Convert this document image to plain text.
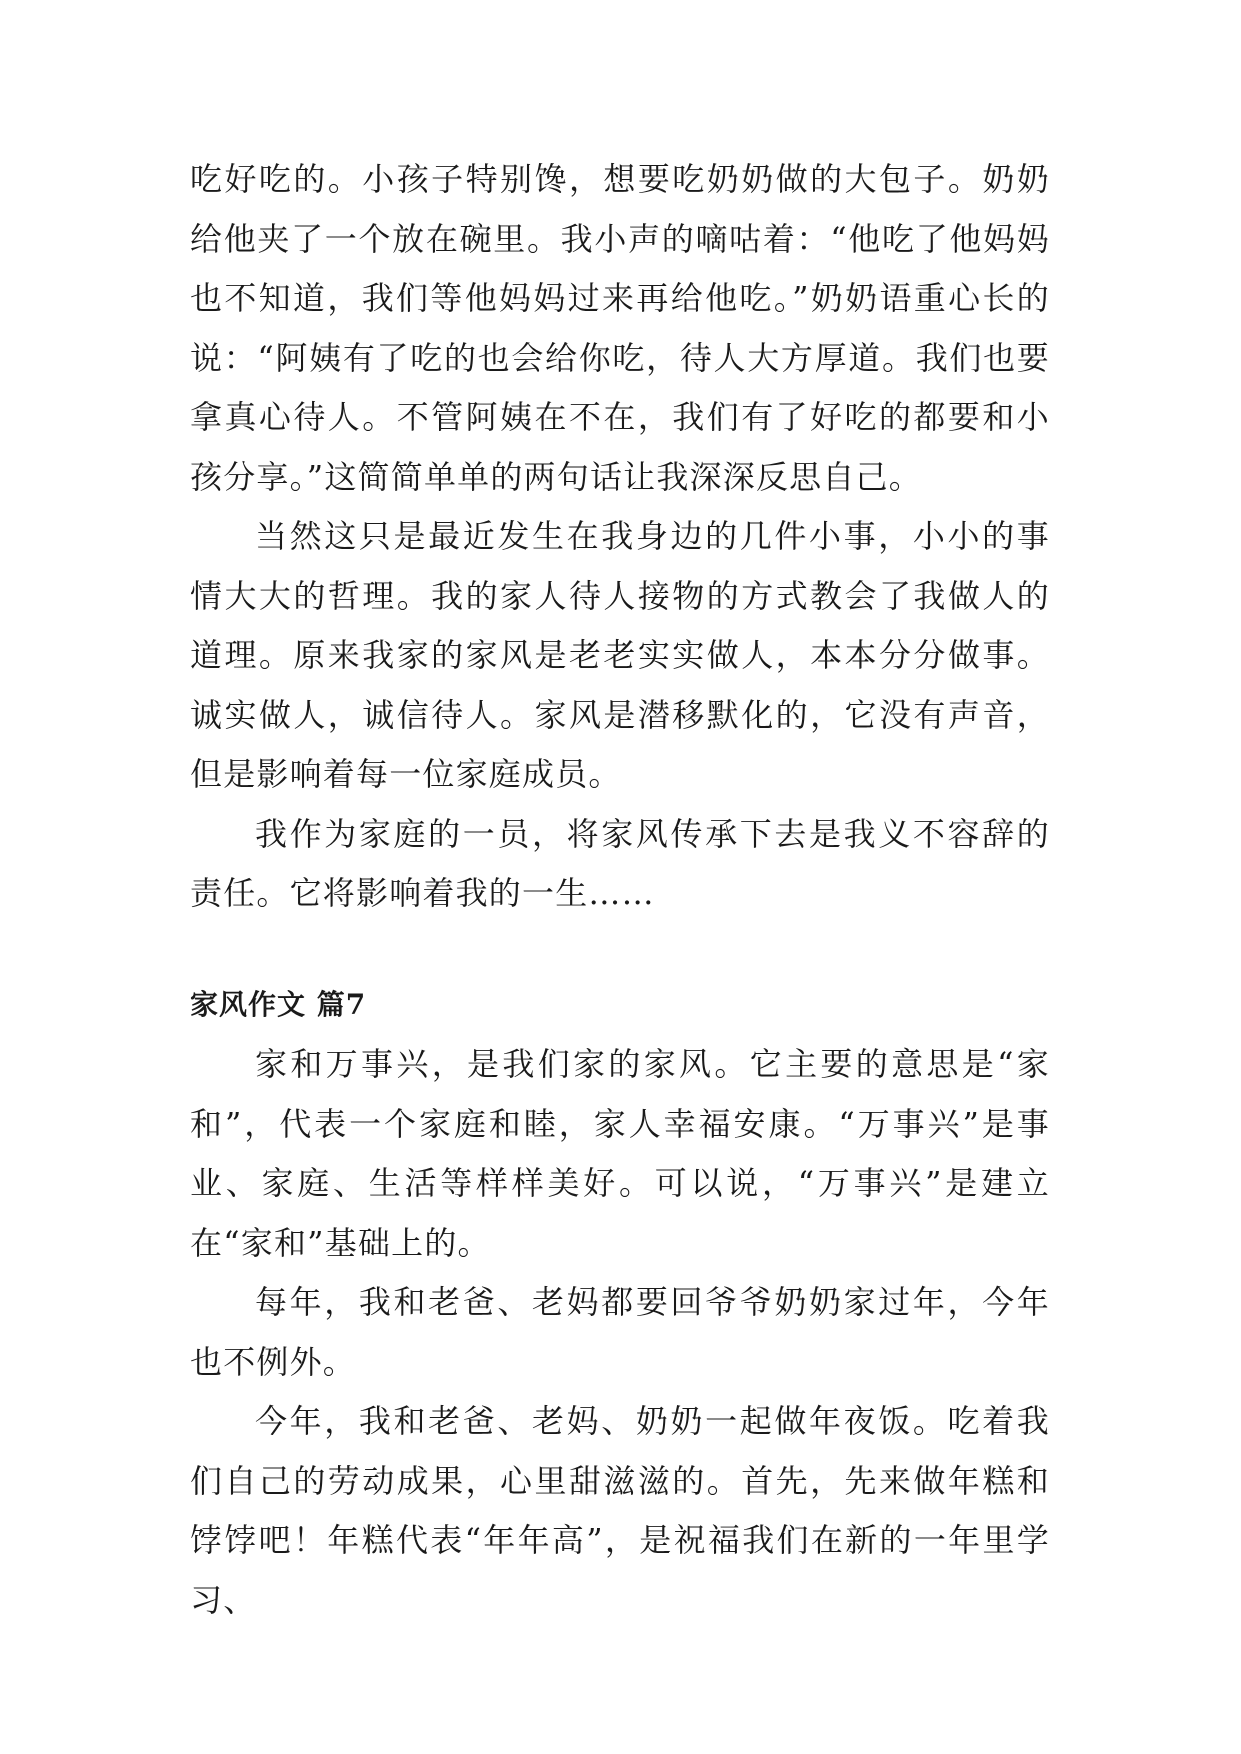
吃好吃的。小孩子特别馋，想要吃奶奶做的大包子。奶奶给他夹了一个放在碗里。我小声的嘀咕着：“他吃了他妈妈也不知道，我们等他妈妈过来再给他吃。”奶奶语重心长的说：“阿姨有了吃的也会给你吃，待人大方厚道。我们也要拿真心待人。不管阿姨在不在，我们有了好吃的都要和小孩分享。”这简简单单的两句话让我深深反思自己。

当然这只是最近发生在我身边的几件小事，小小的事情大大的哲理。我的家人待人接物的方式教会了我做人的道理。原来我家的家风是老老实实做人，本本分分做事。诚实做人，诚信待人。家风是潜移默化的，它没有声音，但是影响着每一位家庭成员。

我作为家庭的一员，将家风传承下去是我义不容辞的责任。它将影响着我的一生……

家风作文 篇7

家和万事兴，是我们家的家风。它主要的意思是“家和”，代表一个家庭和睦，家人幸福安康。“万事兴”是事业、家庭、生活等样样美好。可以说，“万事兴”是建立在“家和”基础上的。

每年，我和老爸、老妈都要回爷爷奶奶家过年，今年也不例外。

今年，我和老爸、老妈、奶奶一起做年夜饭。吃着我们自己的劳动成果，心里甜滋滋的。首先，先来做年糕和饽饽吧！年糕代表“年年高”，是祝福我们在新的一年里学习、
